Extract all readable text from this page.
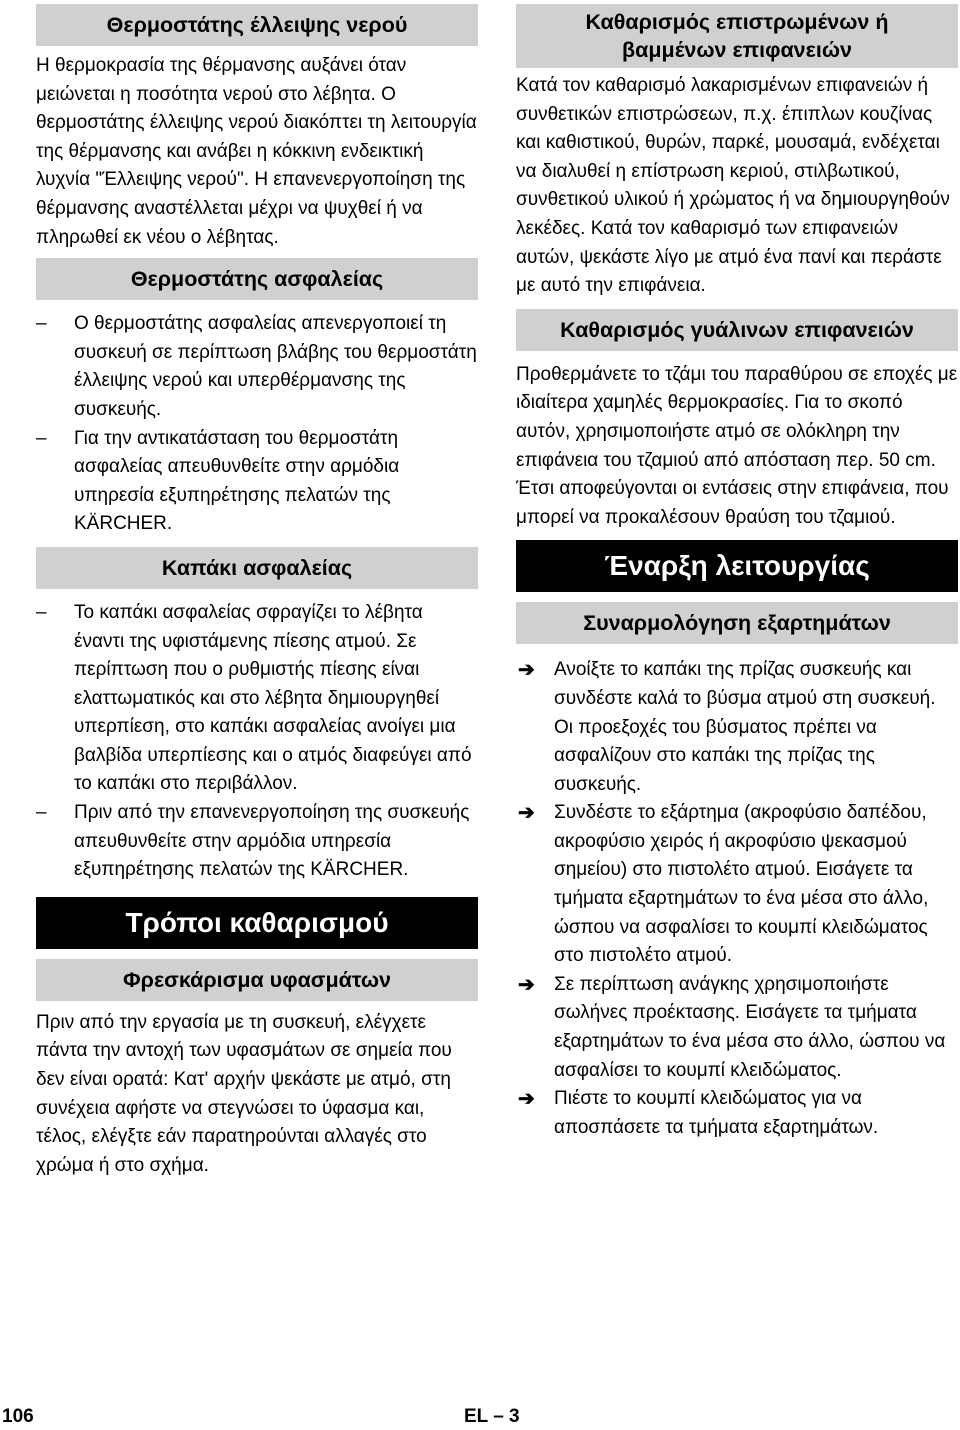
Θερμοστάτης έλλειψης νερού

Η θερμοκρασία της θέρμανσης αυξάνει όταν μειώνεται η ποσότητα νερού στο λέβητα. Ο θερμοστάτης έλλειψης νερού διακόπτει τη λειτουργία της θέρμανσης και ανάβει η κόκκινη ενδεικτική λυχνία "Έλλειψης νερού". Η επανενεργοποίηση της θέρμανσης αναστέλλεται μέχρι να ψυχθεί ή να πληρωθεί εκ νέου ο λέβητας.

Θερμοστάτης ασφαλείας
– Ο θερμοστάτης ασφαλείας απενεργοποιεί τη συσκευή σε περίπτωση βλάβης του θερμοστάτη έλλειψης νερού και υπερθέρμανσης της συσκευής.
– Για την αντικατάσταση του θερμοστάτη ασφαλείας απευθυνθείτε στην αρμόδια υπηρεσία εξυπηρέτησης πελατών της KÄRCHER.
Καπάκι ασφαλείας
– Το καπάκι ασφαλείας σφραγίζει το λέβητα έναντι της υφιστάμενης πίεσης ατμού. Σε περίπτωση που ο ρυθμιστής πίεσης είναι ελαττωματικός και στο λέβητα δημιουργηθεί υπερπίεση, στο καπάκι ασφαλείας ανοίγει μια βαλβίδα υπερπίεσης και ο ατμός διαφεύγει από το καπάκι στο περιβάλλον.
– Πριν από την επανενεργοποίηση της συσκευής απευθυνθείτε στην αρμόδια υπηρεσία εξυπηρέτησης πελατών της KÄRCHER.
Τρόποι καθαρισμού
Φρεσκάρισμα υφασμάτων

Πριν από την εργασία με τη συσκευή, ελέγχετε πάντα την αντοχή των υφασμάτων σε σημεία που δεν είναι ορατά: Κατ' αρχήν ψεκάστε με ατμό, στη συνέχεια αφήστε να στεγνώσει το ύφασμα και, τέλος, ελέγξτε εάν παρατηρούνται αλλαγές στο χρώμα ή στο σχήμα.

Καθαρισμός επιστρωμένων ή βαμμένων επιφανειών

Κατά τον καθαρισμό λακαρισμένων επιφανειών ή συνθετικών επιστρώσεων, π.χ. έπιπλων κουζίνας και καθιστικού, θυρών, παρκέ, μουσαμά, ενδέχεται να διαλυθεί η επίστρωση κεριού, στιλβωτικού, συνθετικού υλικού ή χρώματος ή να δημιουργηθούν λεκέδες. Κατά τον καθαρισμό των επιφανειών αυτών, ψεκάστε λίγο με ατμό ένα πανί και περάστε με αυτό την επιφάνεια.

Καθαρισμός γυάλινων επιφανειών

Προθερμάνετε το τζάμι του παραθύρου σε εποχές με ιδιαίτερα χαμηλές θερμοκρασίες. Για το σκοπό αυτόν, χρησιμοποιήστε ατμό σε ολόκληρη την επιφάνεια του τζαμιού από απόσταση περ. 50 cm. Έτσι αποφεύγονται οι εντάσεις στην επιφάνεια, που μπορεί να προκαλέσουν θραύση του τζαμιού.

Έναρξη λειτουργίας
Συναρμολόγηση εξαρτημάτων
➔ Ανοίξτε το καπάκι της πρίζας συσκευής και συνδέστε καλά το βύσμα ατμού στη συσκευή. Οι προεξοχές του βύσματος πρέπει να ασφαλίζουν στο καπάκι της πρίζας της συσκευής.
➔ Συνδέστε το εξάρτημα (ακροφύσιο δαπέδου, ακροφύσιο χειρός ή ακροφύσιο ψεκασμού σημείου) στο πιστολέτο ατμού. Εισάγετε τα τμήματα εξαρτημάτων το ένα μέσα στο άλλο, ώσπου να ασφαλίσει το κουμπί κλειδώματος στο πιστολέτο ατμού.
➔ Σε περίπτωση ανάγκης χρησιμοποιήστε σωλήνες προέκτασης. Εισάγετε τα τμήματα εξαρτημάτων το ένα μέσα στο άλλο, ώσπου να ασφαλίσει το κουμπί κλειδώματος.
➔ Πιέστε το κουμπί κλειδώματος για να αποσπάσετε τα τμήματα εξαρτημάτων.
106	EL – 3
